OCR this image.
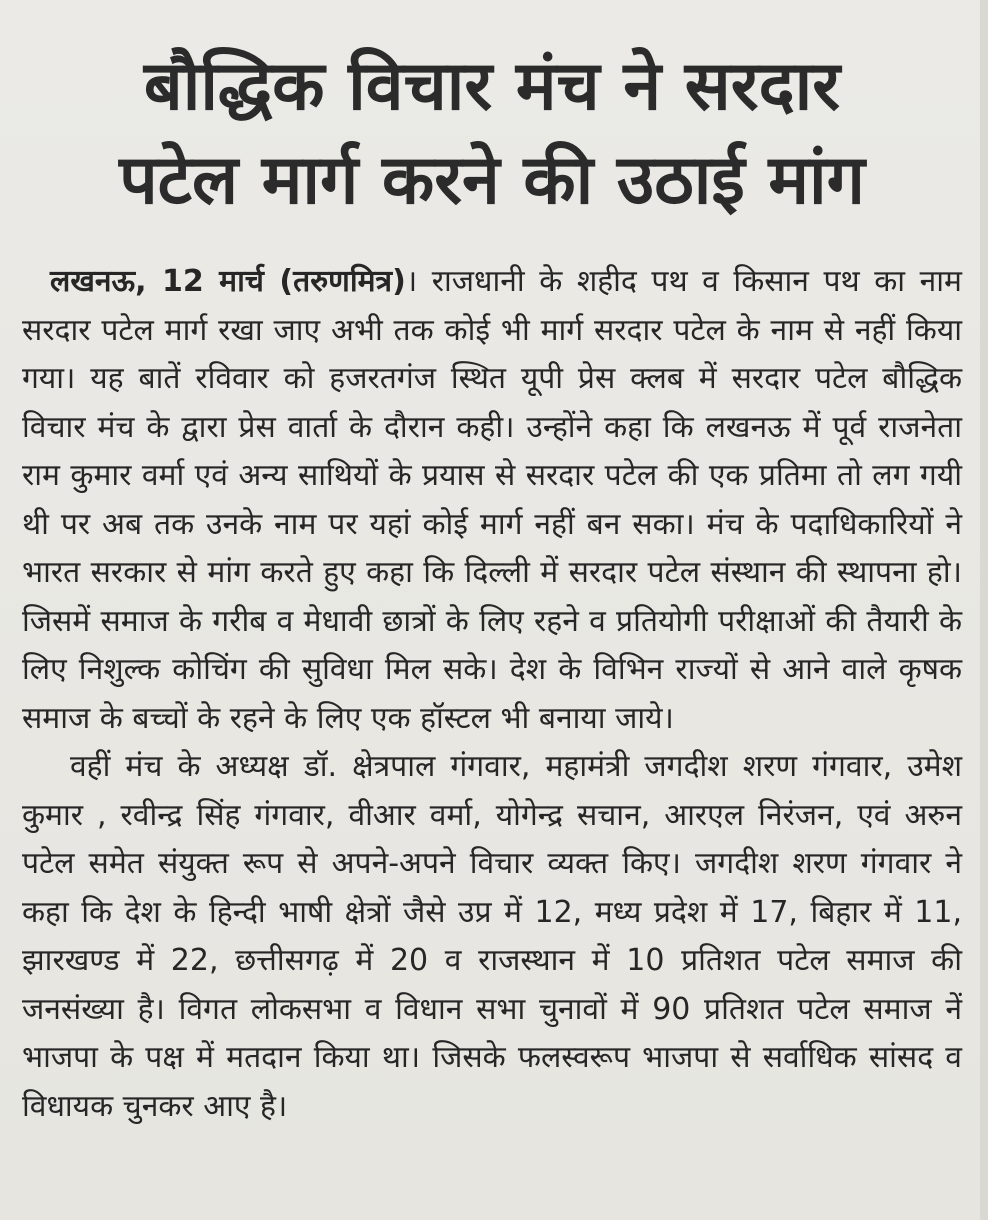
बौद्धिक विचार मंच ने सरदार
पटेल मार्ग करने की उठाई मांग

लखनऊ, 12 मार्च (तरुणमित्र)। राजधानी के शहीद पथ व किसान पथ का नाम सरदार पटेल मार्ग रखा जाए अभी तक कोई भी मार्ग सरदार पटेल के नाम से नहीं किया गया। यह बातें रविवार को हजरतगंज स्थित यूपी प्रेस क्लब में सरदार पटेल बौद्धिक विचार मंच के द्वारा प्रेस वार्ता के दौरान कही। उन्होंने कहा कि लखनऊ में पूर्व राजनेता राम कुमार वर्मा एवं अन्य साथियों के प्रयास से सरदार पटेल की एक प्रतिमा तो लग गयी थी पर अब तक उनके नाम पर यहां कोई मार्ग नहीं बन सका। मंच के पदाधिकारियों ने भारत सरकार से मांग करते हुए कहा कि दिल्ली में सरदार पटेल संस्थान की स्थापना हो। जिसमें समाज के गरीब व मेधावी छात्रों के लिए रहने व प्रतियोगी परीक्षाओं की तैयारी के लिए निशुल्क कोचिंग की सुविधा मिल सके। देश के विभिन राज्यों से आने वाले कृषक समाज के बच्चों के रहने के लिए एक हॉस्टल भी बनाया जाये।

वहीं मंच के अध्यक्ष डॉ. क्षेत्रपाल गंगवार, महामंत्री जगदीश शरण गंगवार, उमेश कुमार , रवीन्द्र सिंह गंगवार, वीआर वर्मा, योगेन्द्र सचान, आरएल निरंजन, एवं अरुन पटेल समेत संयुक्त रूप से अपने-अपने विचार व्यक्त किए। जगदीश शरण गंगवार ने कहा कि देश के हिन्दी भाषी क्षेत्रों जैसे उप्र में 12, मध्य प्रदेश में 17, बिहार में 11, झारखण्ड में 22, छत्तीसगढ़ में 20 व राजस्थान में 10 प्रतिशत पटेल समाज की जनसंख्या है। विगत लोकसभा व विधान सभा चुनावों में 90 प्रतिशत पटेल समाज नें भाजपा के पक्ष में मतदान किया था। जिसके फलस्वरूप भाजपा से सर्वाधिक सांसद व विधायक चुनकर आए है।
